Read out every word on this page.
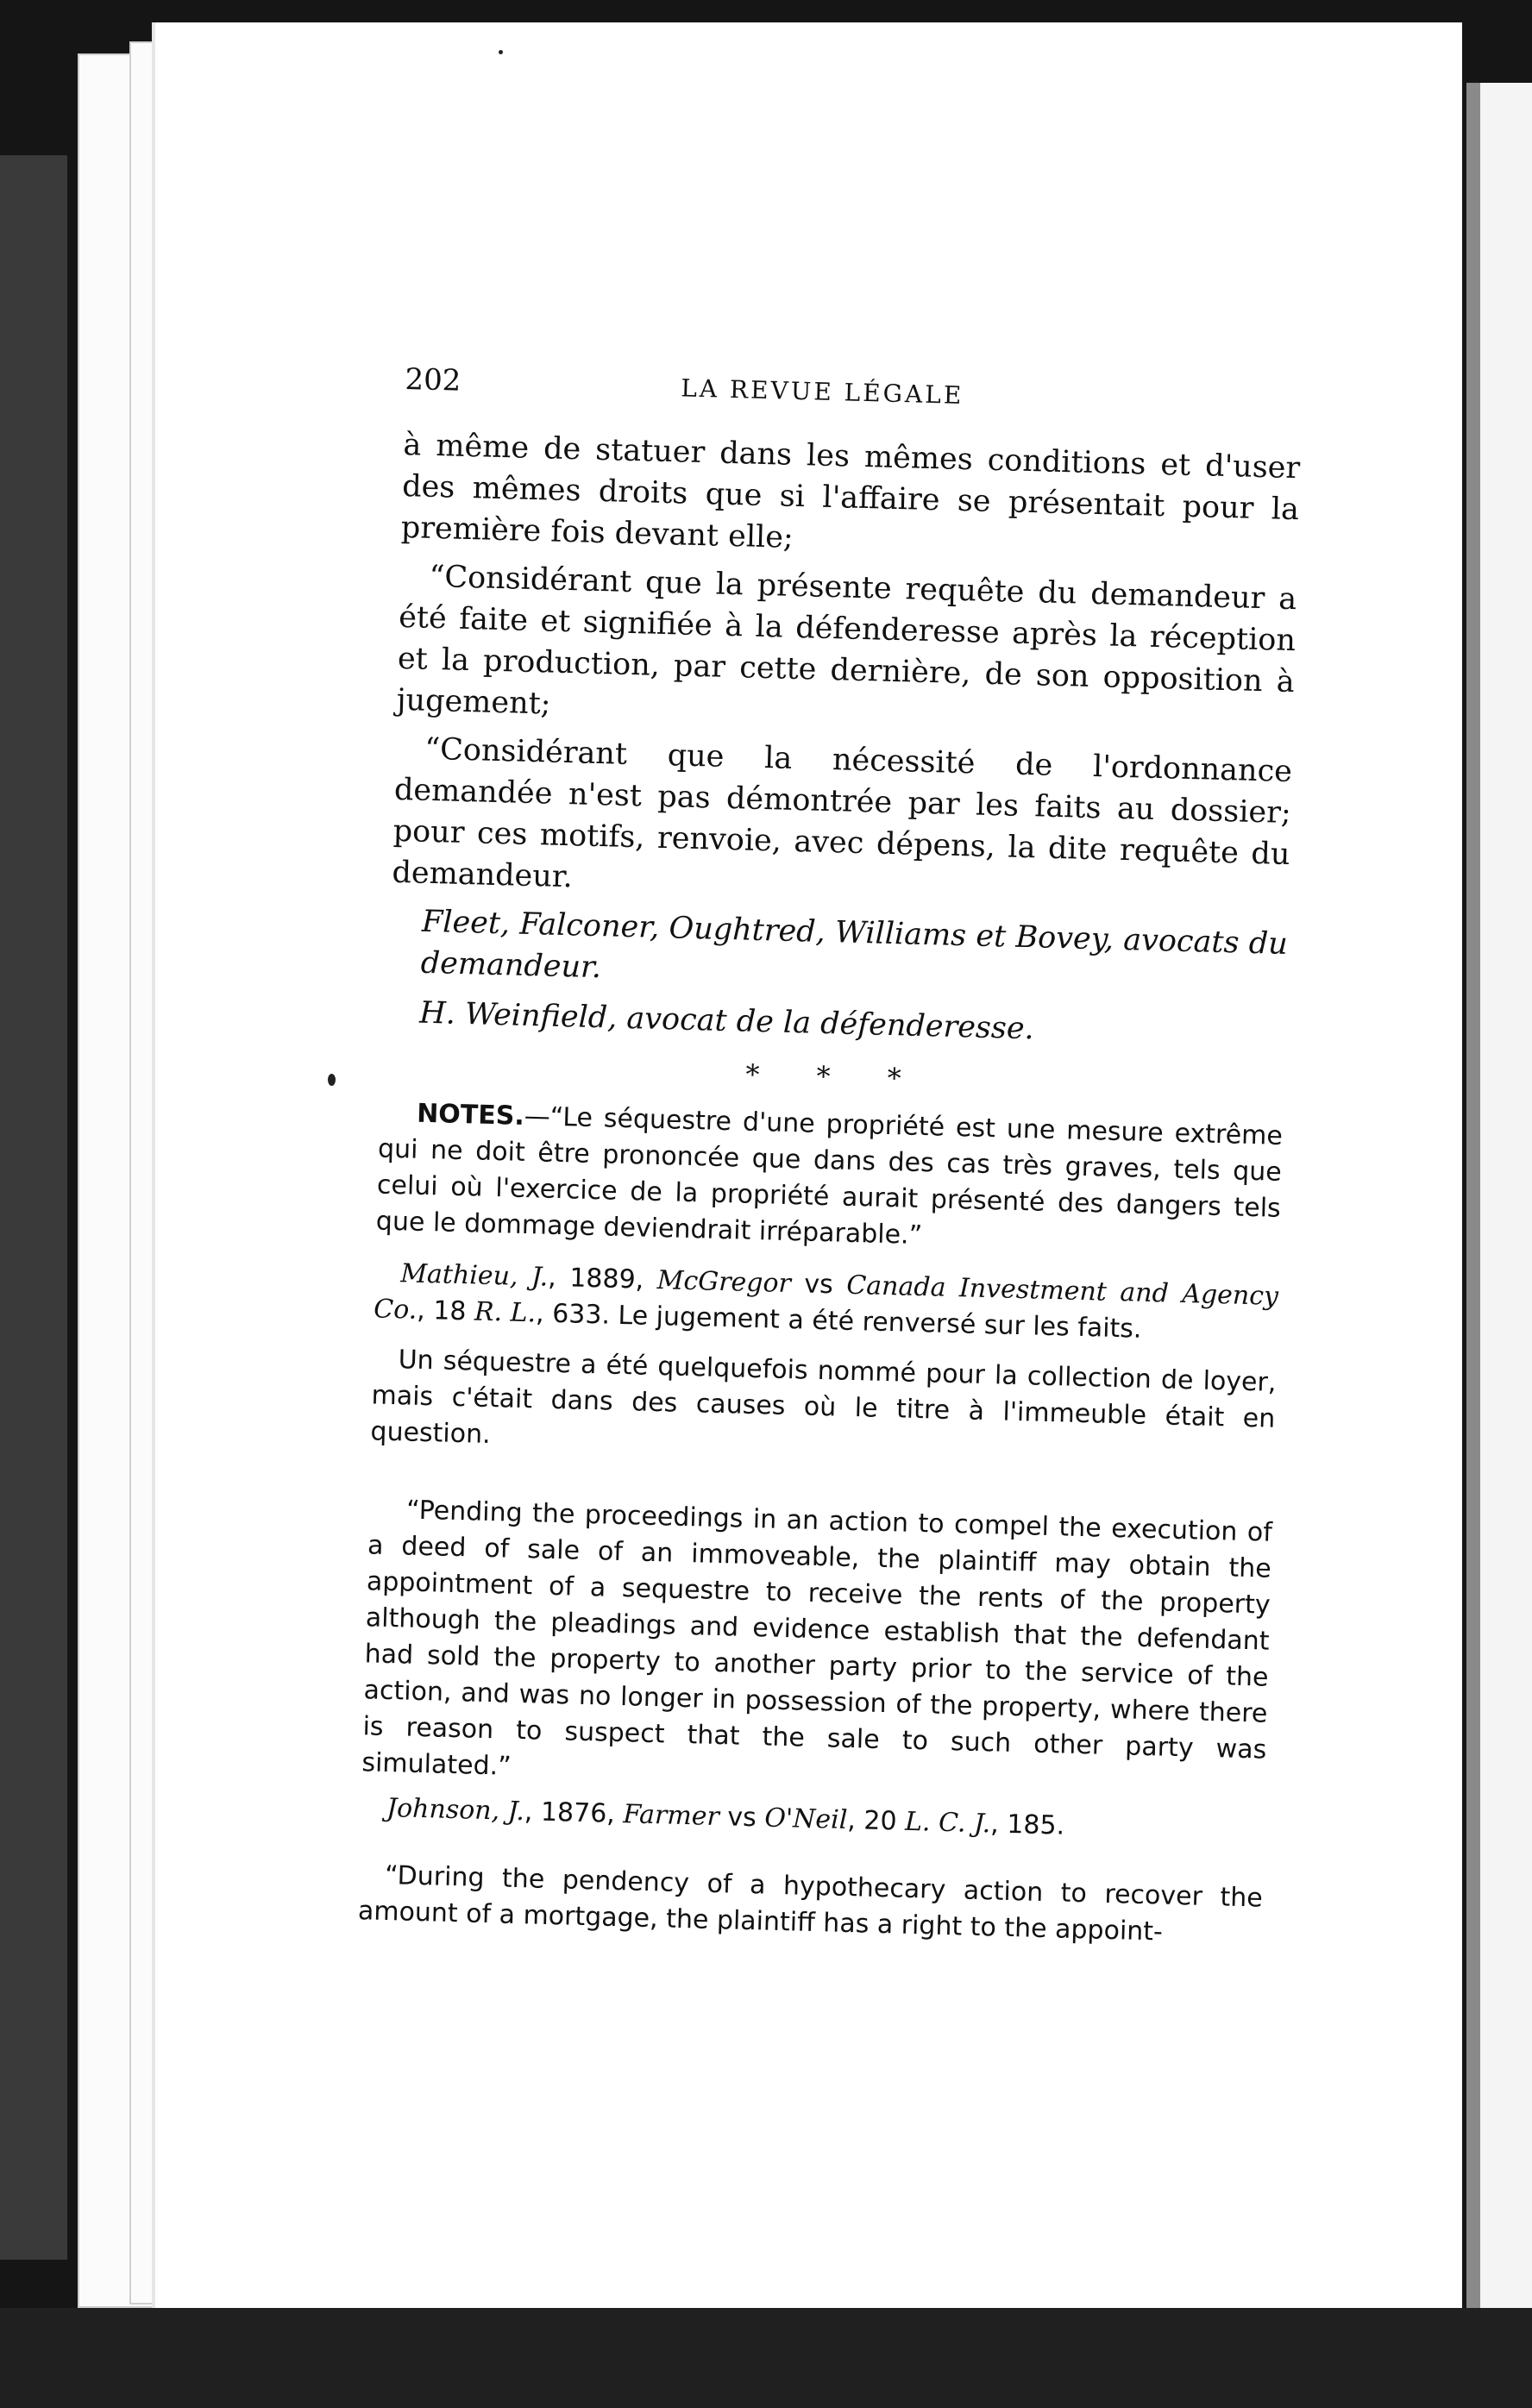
202	LA REVUE LÉGALE

à même de statuer dans les mêmes conditions et d'user des mêmes droits que si l'affaire se présentait pour la première fois devant elle;

“Considérant que la présente requête du demandeur a été faite et signifiée à la défenderesse après la réception et la production, par cette dernière, de son opposition à jugement;

“Considérant que la nécessité de l'ordonnance demandée n'est pas démontrée par les faits au dossier; pour ces motifs, renvoie, avec dépens, la dite requête du demandeur.

Fleet, Falconer, Oughtred, Williams et Bovey, avocats du demandeur.

H. Weinfield, avocat de la défenderesse.

* * *

NOTES.—“Le séquestre d'une propriété est une mesure extrême qui ne doit être prononcée que dans des cas très graves, tels que celui où l'exercice de la propriété aurait présenté des dangers tels que le dommage deviendrait irréparable.”

Mathieu, J., 1889, McGregor vs Canada Investment and Agency Co., 18 R. L., 633. Le jugement a été renversé sur les faits.

Un séquestre a été quelquefois nommé pour la collection de loyer, mais c'était dans des causes où le titre à l'immeuble était en question.

“Pending the proceedings in an action to compel the execution of a deed of sale of an immoveable, the plaintiff may obtain the appointment of a sequestre to receive the rents of the property although the pleadings and evidence establish that the defendant had sold the property to another party prior to the service of the action, and was no longer in possession of the property, where there is reason to suspect that the sale to such other party was simulated.”

Johnson, J., 1876, Farmer vs O'Neil, 20 L. C. J., 185.

“During the pendency of a hypothecary action to recover the amount of a mortgage, the plaintiff has a right to the appoint-
